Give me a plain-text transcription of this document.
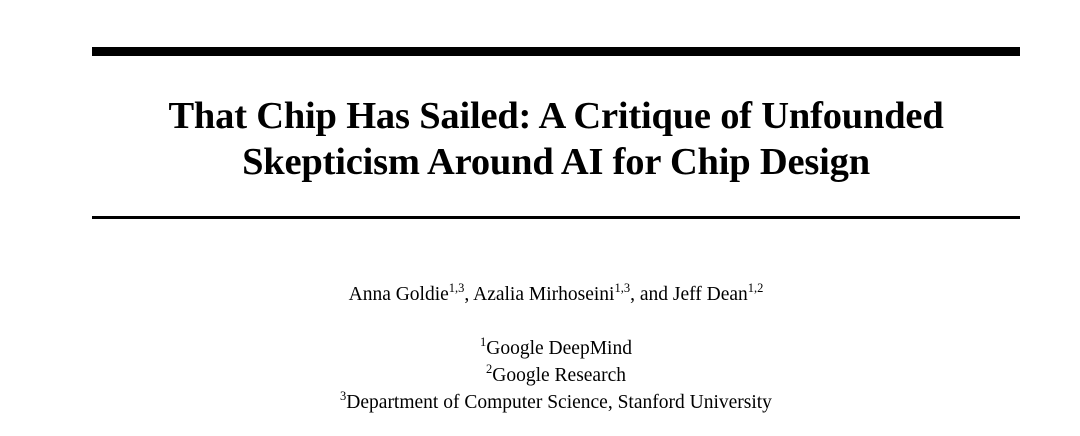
That Chip Has Sailed: A Critique of Unfounded
Skepticism Around AI for Chip Design

Anna Goldie$^{1,3}$, Azalia Mirhoseini$^{1,3}$, and Jeff Dean$^{1,2}$

$^1$Google DeepMind
$^2$Google Research
$^3$Department of Computer Science, Stanford University
